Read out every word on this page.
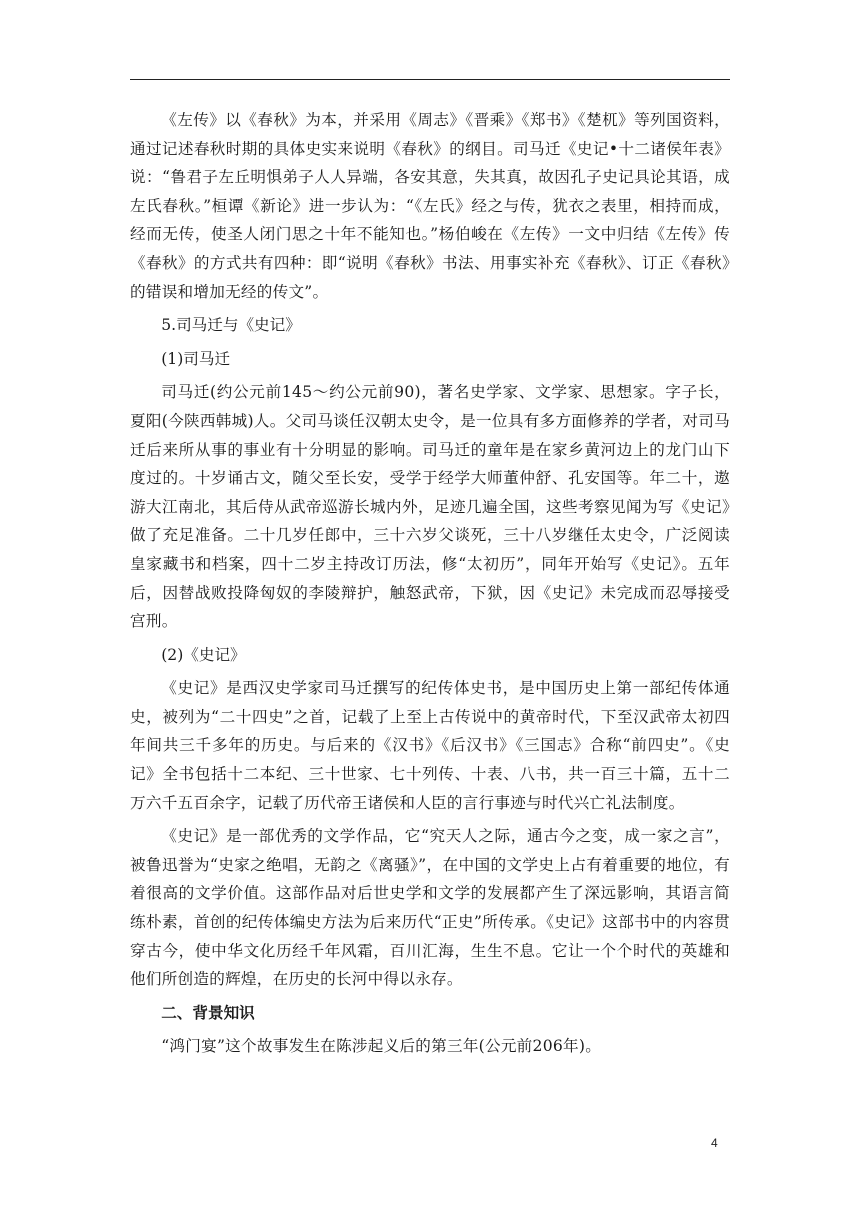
《左传》以《春秋》为本，并采用《周志》《晋乘》《郑书》《楚杌》等列国资料，通过记述春秋时期的具体史实来说明《春秋》的纲目。司马迁《史记•十二诸侯年表》说：“鲁君子左丘明惧弟子人人异端，各安其意，失其真，故因孔子史记具论其语，成左氏春秋。”桓谭《新论》进一步认为：“《左氏》经之与传，犹衣之表里，相持而成，经而无传，使圣人闭门思之十年不能知也。”杨伯峻在《左传》一文中归结《左传》传《春秋》的方式共有四种：即“说明《春秋》书法、用事实补充《春秋》、订正《春秋》的错误和增加无经的传文”。

5.司马迁与《史记》

(1)司马迁

司马迁(约公元前145～约公元前90)，著名史学家、文学家、思想家。字子长，夏阳(今陕西韩城)人。父司马谈任汉朝太史令，是一位具有多方面修养的学者，对司马迁后来所从事的事业有十分明显的影响。司马迁的童年是在家乡黄河边上的龙门山下度过的。十岁诵古文，随父至长安，受学于经学大师董仲舒、孔安国等。年二十，遨游大江南北，其后侍从武帝巡游长城内外，足迹几遍全国，这些考察见闻为写《史记》做了充足准备。二十几岁任郎中，三十六岁父谈死，三十八岁继任太史令，广泛阅读皇家藏书和档案，四十二岁主持改订历法，修“太初历”，同年开始写《史记》。五年后，因替战败投降匈奴的李陵辩护，触怒武帝，下狱，因《史记》未完成而忍辱接受宫刑。

(2)《史记》

《史记》是西汉史学家司马迁撰写的纪传体史书，是中国历史上第一部纪传体通史，被列为“二十四史”之首，记载了上至上古传说中的黄帝时代，下至汉武帝太初四年间共三千多年的历史。与后来的《汉书》《后汉书》《三国志》合称“前四史”。《史记》全书包括十二本纪、三十世家、七十列传、十表、八书，共一百三十篇，五十二万六千五百余字，记载了历代帝王诸侯和人臣的言行事迹与时代兴亡礼法制度。

《史记》是一部优秀的文学作品，它“究天人之际，通古今之变，成一家之言”，被鲁迅誉为“史家之绝唱，无韵之《离骚》”，在中国的文学史上占有着重要的地位，有着很高的文学价值。这部作品对后世史学和文学的发展都产生了深远影响，其语言简练朴素，首创的纪传体编史方法为后来历代“正史”所传承。《史记》这部书中的内容贯穿古今，使中华文化历经千年风霜，百川汇海，生生不息。它让一个个时代的英雄和他们所创造的辉煌，在历史的长河中得以永存。

二、背景知识

“鸿门宴”这个故事发生在陈涉起义后的第三年(公元前206年)。

4
